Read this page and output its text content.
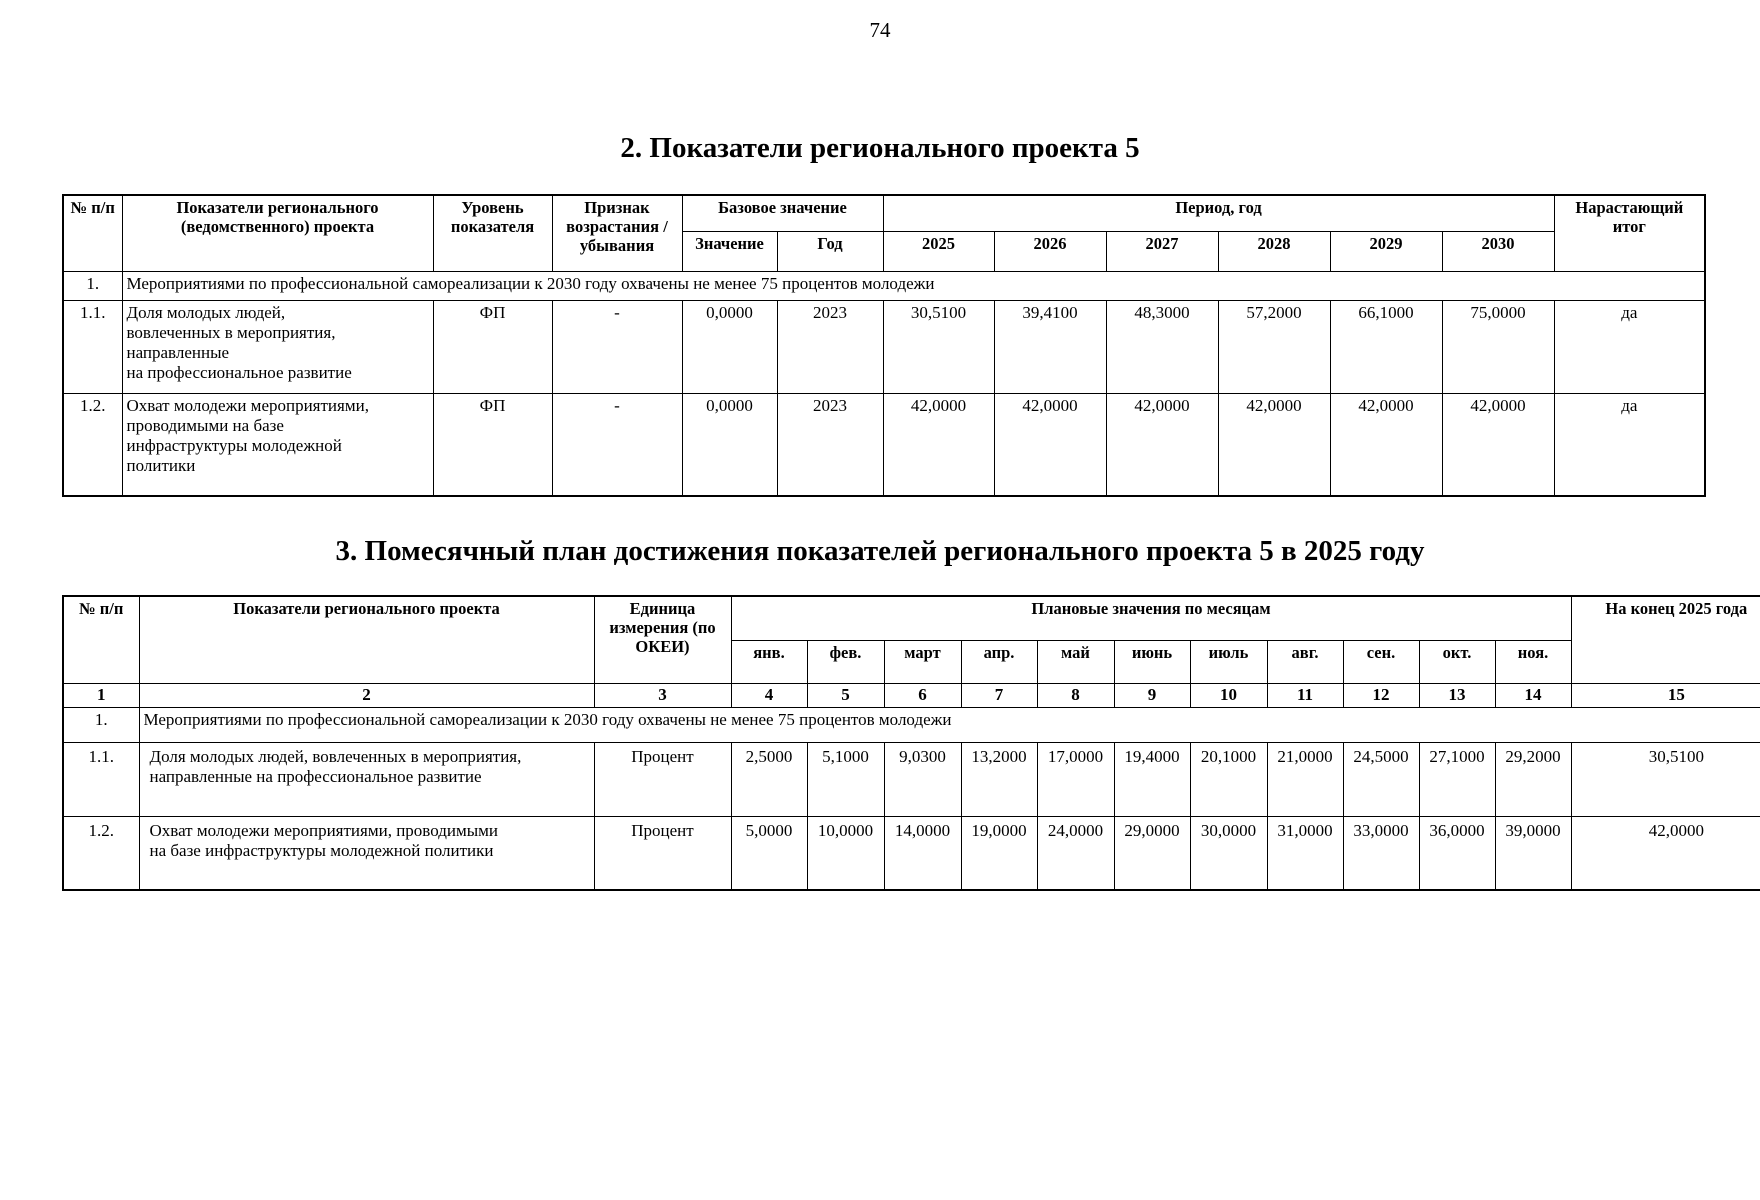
74
2. Показатели регионального проекта 5
№ п/п	Показатели регионального (ведомственного) проекта	Уровень показателя	Признак возрастания / убывания	Базовое значение		Период, год						Нарастающий итог
				Значение	Год	2025	2026	2027	2028	2029	2030	
1.	Мероприятиями по профессиональной самореализации к 2030 году охвачены не менее 75 процентов молодежи											
1.1.	Доля молодых людей,
вовлеченных в мероприятия,
направленные
на профессиональное развитие	ФП	-	0,0000	2023	30,5100	39,4100	48,3000	57,2000	66,1000	75,0000	да
1.2.	Охват молодежи мероприятиями,
проводимыми на базе
инфраструктуры молодежной
политики	ФП	-	0,0000	2023	42,0000	42,0000	42,0000	42,0000	42,0000	42,0000	да
3. Помесячный план достижения показателей регионального проекта 5 в 2025 году
№ п/п	Показатели регионального проекта	Единица измерения (по ОКЕИ)	Плановые значения по месяцам											На конец 2025 года
			янв.	фев.	март	апр.	май	июнь	июль	авг.	сен.	окт.	ноя.	
1	2	3	4	5	6	7	8	9	10	11	12	13	14	15
1.	Мероприятиями по профессиональной самореализации к 2030 году охвачены не менее 75 процентов молодежи													
1.1.	Доля молодых людей, вовлеченных в мероприятия,
направленные на профессиональное развитие	Процент	2,5000	5,1000	9,0300	13,2000	17,0000	19,4000	20,1000	21,0000	24,5000	27,1000	29,2000	30,5100
1.2.	Охват молодежи мероприятиями, проводимыми
на базе инфраструктуры молодежной политики	Процент	5,0000	10,0000	14,0000	19,0000	24,0000	29,0000	30,0000	31,0000	33,0000	36,0000	39,0000	42,0000
